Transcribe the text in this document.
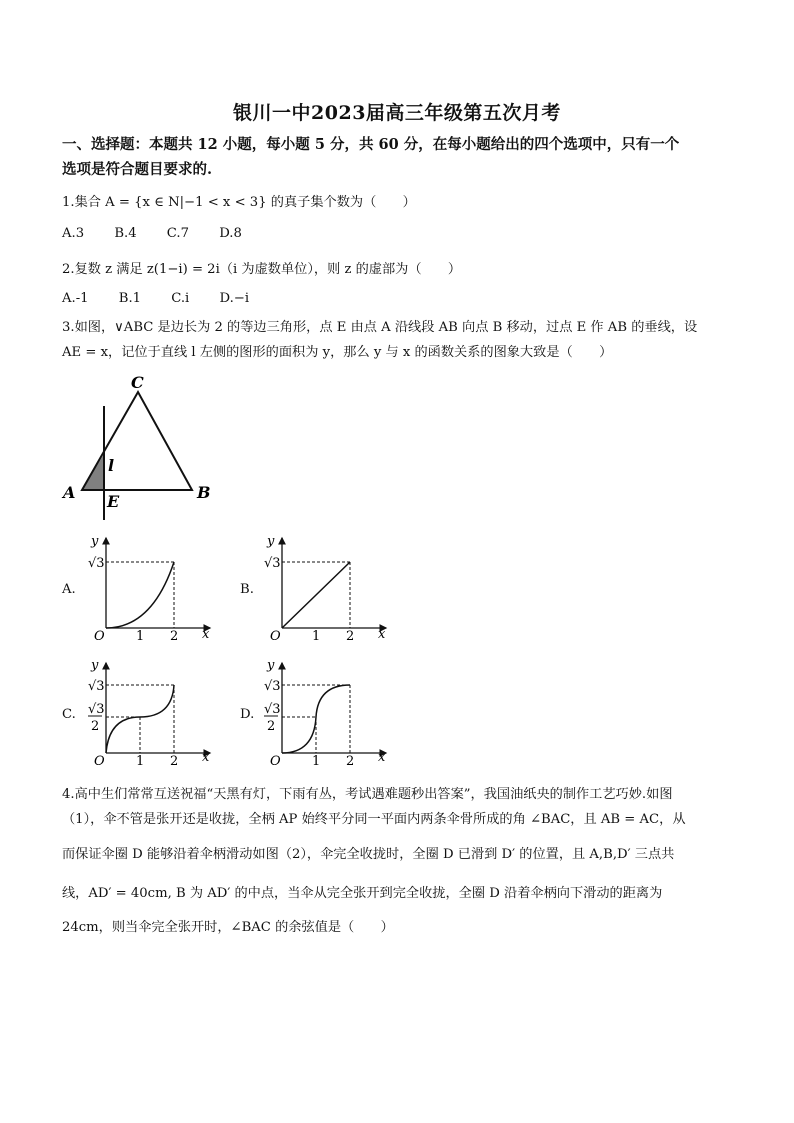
银川一中2023届高三年级第五次月考
一、选择题：本题共 12 小题，每小题 5 分，共 60 分，在每小题给出的四个选项中，只有一个
选项是符合题目要求的.
1.集合 A = {x ∈ N|−1 < x < 3} 的真子集个数为（　　）
A.3 B.4 C.7 D.8
2.复数 z 满足 z(1−i) = 2i（i 为虚数单位），则 z 的虚部为（　　）
A.-1 B.1 C.i D.−i
3.如图，∨ABC 是边长为 2 的等边三角形，点 E 由点 A 沿线段 AB 向点 B 移动，过点 E 作 AB 的垂线，设
AE = x，记位于直线 l 左侧的图形的面积为 y，那么 y 与 x 的函数关系的图象大致是（　　）
C
A	B
E
l
A.	B.
C.	D.
y
√3
O 1 2 x
y
√3
O 1 2 x
y
√3
√3
2
O 1 2 x
y
√3
√3
2
O 1 2 x
4.高中生们常常互送祝福“天黑有灯，下雨有丛，考试遇难题秒出答案”，我国油纸央的制作工艺巧妙.如图
（1），伞不管是张开还是收拢，全柄 AP 始终平分同一平面内两条伞骨所成的角 ∠BAC，且 AB = AC，从
而保证伞圈 D 能够沿着伞柄滑动如图（2），伞完全收拢时，全圈 D 已滑到 D′ 的位置，且 A,B,D′ 三点共
线，AD′ = 40cm, B 为 AD′ 的中点，当伞从完全张开到完全收拢，全圈 D 沿着伞柄向下滑动的距离为
24cm，则当伞完全张开时，∠BAC 的余弦值是（　　）
